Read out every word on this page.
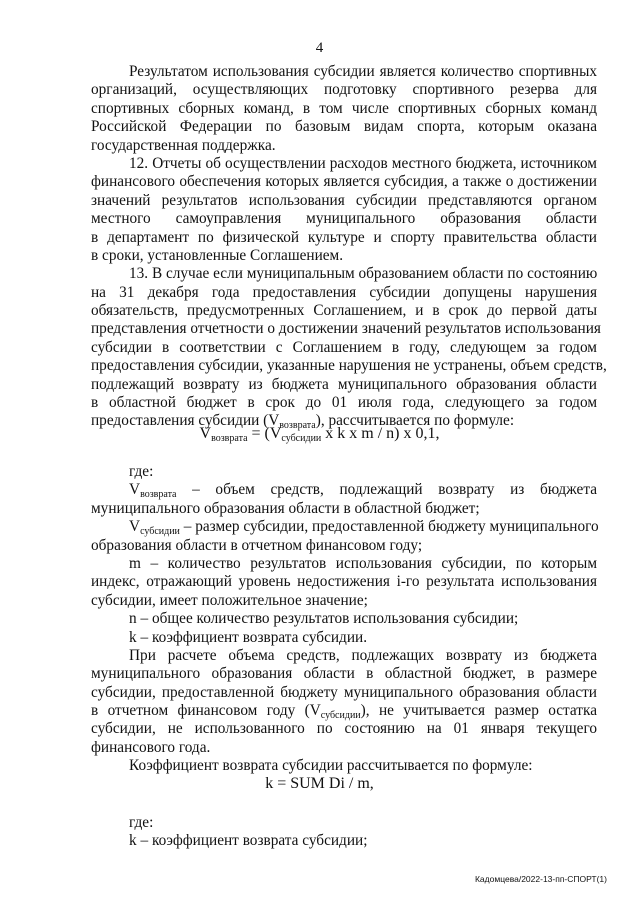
4
Результатом использования субсидии является количество спортивных
организаций, осуществляющих подготовку спортивного резерва для
спортивных сборных команд, в том числе спортивных сборных команд
Российской Федерации по базовым видам спорта, которым оказана
государственная поддержка.
12. Отчеты об осуществлении расходов местного бюджета, источником
финансового обеспечения которых является субсидия, а также о достижении
значений результатов использования субсидии представляются органом
местного самоуправления муниципального образования области
в департамент по физической культуре и спорту правительства области
в сроки, установленные Соглашением.
13. В случае если муниципальным образованием области по состоянию
на 31 декабря года предоставления субсидии допущены нарушения
обязательств, предусмотренных Соглашением, и в срок до первой даты
представления отчетности о достижении значений результатов использования
субсидии в соответствии с Соглашением в году, следующем за годом
предоставления субсидии, указанные нарушения не устранены, объем средств,
подлежащий возврату из бюджета муниципального образования области
в областной бюджет в срок до 01 июля года, следующего за годом
предоставления субсидии $(V_{возврата})$, рассчитывается по формуле:
$V_{возврата} = (V_{субсидии}$ x k x m / n) x 0,1,
где:
$V_{возврата}$ – объем средств, подлежащий возврату из бюджета
муниципального образования области в областной бюджет;
$V_{субсидии}$ – размер субсидии, предоставленной бюджету муниципального
образования области в отчетном финансовом году;
m – количество результатов использования субсидии, по которым
индекс, отражающий уровень недостижения i-го результата использования
субсидии, имеет положительное значение;
n – общее количество результатов использования субсидии;
k – коэффициент возврата субсидии.
При расчете объема средств, подлежащих возврату из бюджета
муниципального образования области в областной бюджет, в размере
субсидии, предоставленной бюджету муниципального образования области
в отчетном финансовом году $(V_{субсидии})$, не учитывается размер остатка
субсидии, не использованного по состоянию на 01 января текущего
финансового года.
Коэффициент возврата субсидии рассчитывается по формуле:
k = SUM Di / m,
где:
k – коэффициент возврата субсидии;
Кадомцева/2022-13-пп-СПОРТ(1)
